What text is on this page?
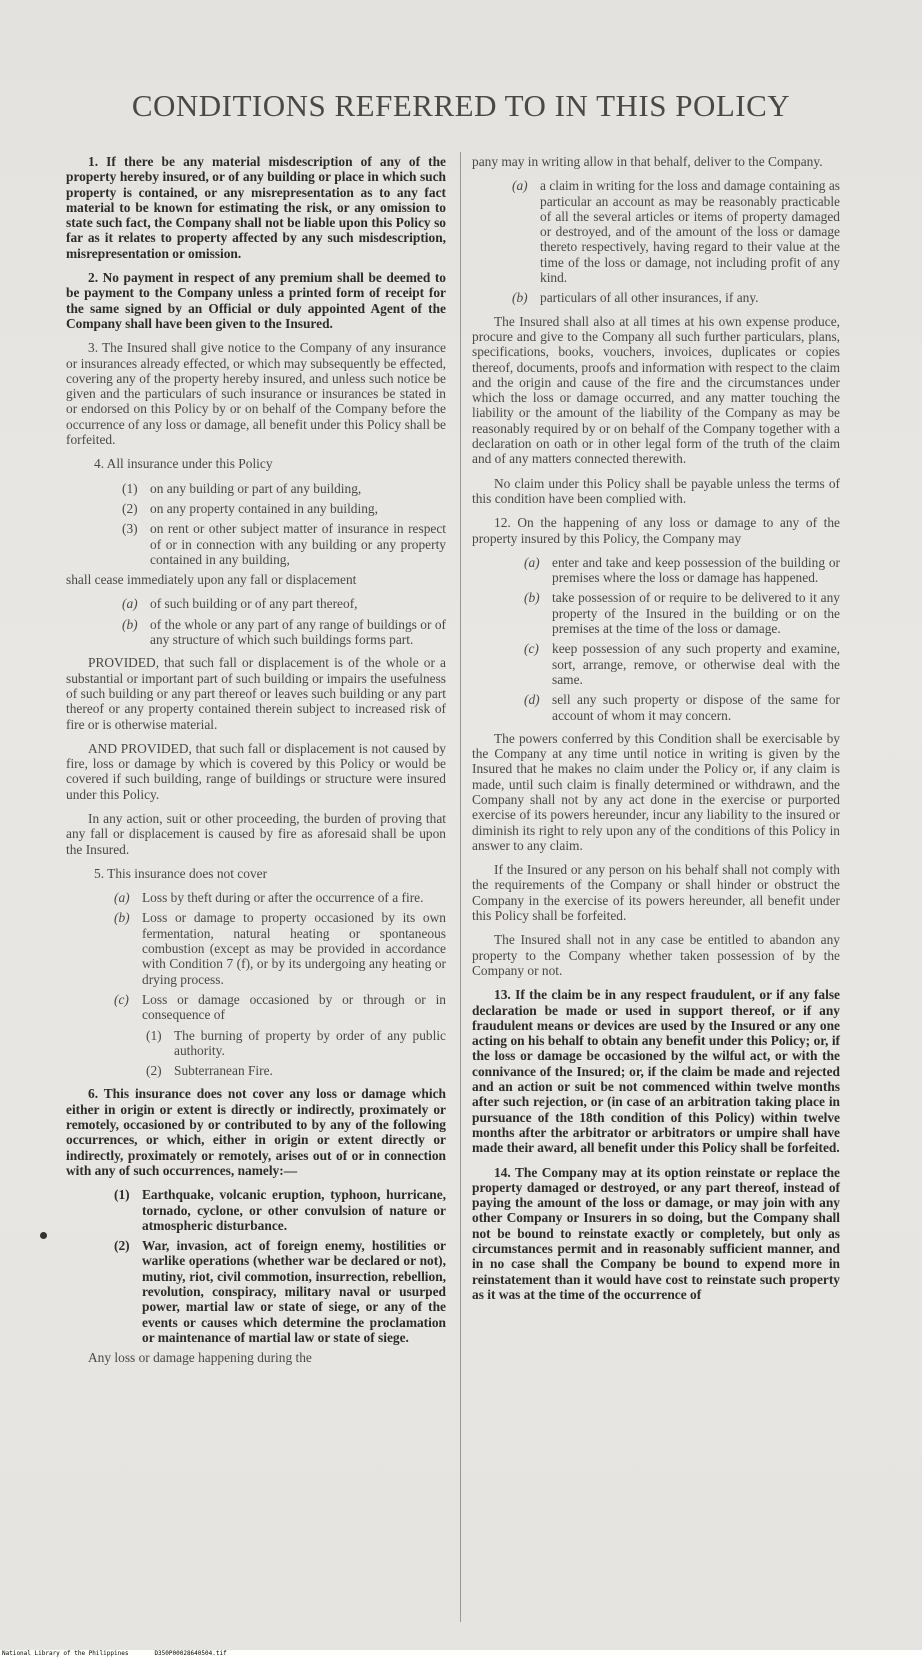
CONDITIONS REFERRED TO IN THIS POLICY

1. If there be any material misdescription of any of the property hereby insured, or of any building or place in which such property is contained, or any misrepresentation as to any fact material to be known for estimating the risk, or any omission to state such fact, the Company shall not be liable upon this Policy so far as it relates to property affected by any such misdescription, misrepresentation or omission.

2. No payment in respect of any premium shall be deemed to be payment to the Company unless a printed form of receipt for the same signed by an Official or duly appointed Agent of the Company shall have been given to the Insured.

3. The Insured shall give notice to the Company of any insurance or insurances already effected, or which may subsequently be effected, covering any of the property hereby insured, and unless such notice be given and the particulars of such insurance or insurances be stated in or endorsed on this Policy by or on behalf of the Company before the occurrence of any loss or damage, all benefit under this Policy shall be forfeited.

4. All insurance under this Policy

(1) on any building or part of any building,
(2) on any property contained in any building,
(3) on rent or other subject matter of insurance in respect of or in connection with any building or any property contained in any building,

shall cease immediately upon any fall or displacement

(a) of such building or of any part thereof,
(b) of the whole or any part of any range of buildings or of any structure of which such buildings forms part.

PROVIDED, that such fall or displacement is of the whole or a substantial or important part of such building or impairs the usefulness of such building or any part thereof or leaves such building or any part thereof or any property contained therein subject to increased risk of fire or is otherwise material.

AND PROVIDED, that such fall or displacement is not caused by fire, loss or damage by which is covered by this Policy or would be covered if such building, range of buildings or structure were insured under this Policy.

In any action, suit or other proceeding, the burden of proving that any fall or displacement is caused by fire as aforesaid shall be upon the Insured.

5. This insurance does not cover

(a) Loss by theft during or after the occurrence of a fire.
(b) Loss or damage to property occasioned by its own fermentation, natural heating or spontaneous combustion (except as may be provided in accordance with Condition 7 (f), or by its undergoing any heating or drying process.
(c) Loss or damage occasioned by or through or in consequence of
(1) The burning of property by order of any public authority.
(2) Subterranean Fire.

6. This insurance does not cover any loss or damage which either in origin or extent is directly or indirectly, proximately or remotely, occasioned by or contributed to by any of the following occurrences, or which, either in origin or extent directly or indirectly, proximately or remotely, arises out of or in connection with any of such occurrences, namely:—

(1) Earthquake, volcanic eruption, typhoon, hurricane, tornado, cyclone, or other convulsion of nature or atmospheric disturbance.
(2) War, invasion, act of foreign enemy, hostilities or warlike operations (whether war be declared or not), mutiny, riot, civil commotion, insurrection, rebellion, revolution, conspiracy, military naval or usurped power, martial law or state of siege, or any of the events or causes which determine the proclamation or maintenance of martial law or state of siege.

Any loss or damage happening during the

pany may in writing allow in that behalf, deliver to the Company.

(a) a claim in writing for the loss and damage containing as particular an account as may be reasonably practicable of all the several articles or items of property damaged or destroyed, and of the amount of the loss or damage thereto respectively, having regard to their value at the time of the loss or damage, not including profit of any kind.
(b) particulars of all other insurances, if any.

The Insured shall also at all times at his own expense produce, procure and give to the Company all such further particulars, plans, specifications, books, vouchers, invoices, duplicates or copies thereof, documents, proofs and information with respect to the claim and the origin and cause of the fire and the circumstances under which the loss or damage occurred, and any matter touching the liability or the amount of the liability of the Company as may be reasonably required by or on behalf of the Company together with a declaration on oath or in other legal form of the truth of the claim and of any matters connected therewith.

No claim under this Policy shall be payable unless the terms of this condition have been complied with.

12. On the happening of any loss or damage to any of the property insured by this Policy, the Company may

(a) enter and take and keep possession of the building or premises where the loss or damage has happened.
(b) take possession of or require to be delivered to it any property of the Insured in the building or on the premises at the time of the loss or damage.
(c) keep possession of any such property and examine, sort, arrange, remove, or otherwise deal with the same.
(d) sell any such property or dispose of the same for account of whom it may concern.

The powers conferred by this Condition shall be exercisable by the Company at any time until notice in writing is given by the Insured that he makes no claim under the Policy or, if any claim is made, until such claim is finally determined or withdrawn, and the Company shall not by any act done in the exercise or purported exercise of its powers hereunder, incur any liability to the insured or diminish its right to rely upon any of the conditions of this Policy in answer to any claim.

If the Insured or any person on his behalf shall not comply with the requirements of the Company or shall hinder or obstruct the Company in the exercise of its powers hereunder, all benefit under this Policy shall be forfeited.

The Insured shall not in any case be entitled to abandon any property to the Company whether taken possession of by the Company or not.

13. If the claim be in any respect fraudulent, or if any false declaration be made or used in support thereof, or if any fraudulent means or devices are used by the Insured or any one acting on his behalf to obtain any benefit under this Policy; or, if the loss or damage be occasioned by the wilful act, or with the connivance of the Insured; or, if the claim be made and rejected and an action or suit be not commenced within twelve months after such rejection, or (in case of an arbitration taking place in pursuance of the 18th condition of this Policy) within twelve months after the arbitrator or arbitrators or umpire shall have made their award, all benefit under this Policy shall be forfeited.

14. The Company may at its option reinstate or replace the property damaged or destroyed, or any part thereof, instead of paying the amount of the loss or damage, or may join with any other Company or Insurers in so doing, but the Company shall not be bound to reinstate exactly or completely, but only as circumstances permit and in reasonably sufficient manner, and in no case shall the Company be bound to expend more in reinstatement than it would have cost to reinstate such property as it was at the time of the occurrence of

National Library of the Philippines	D350P00028640504.tif
